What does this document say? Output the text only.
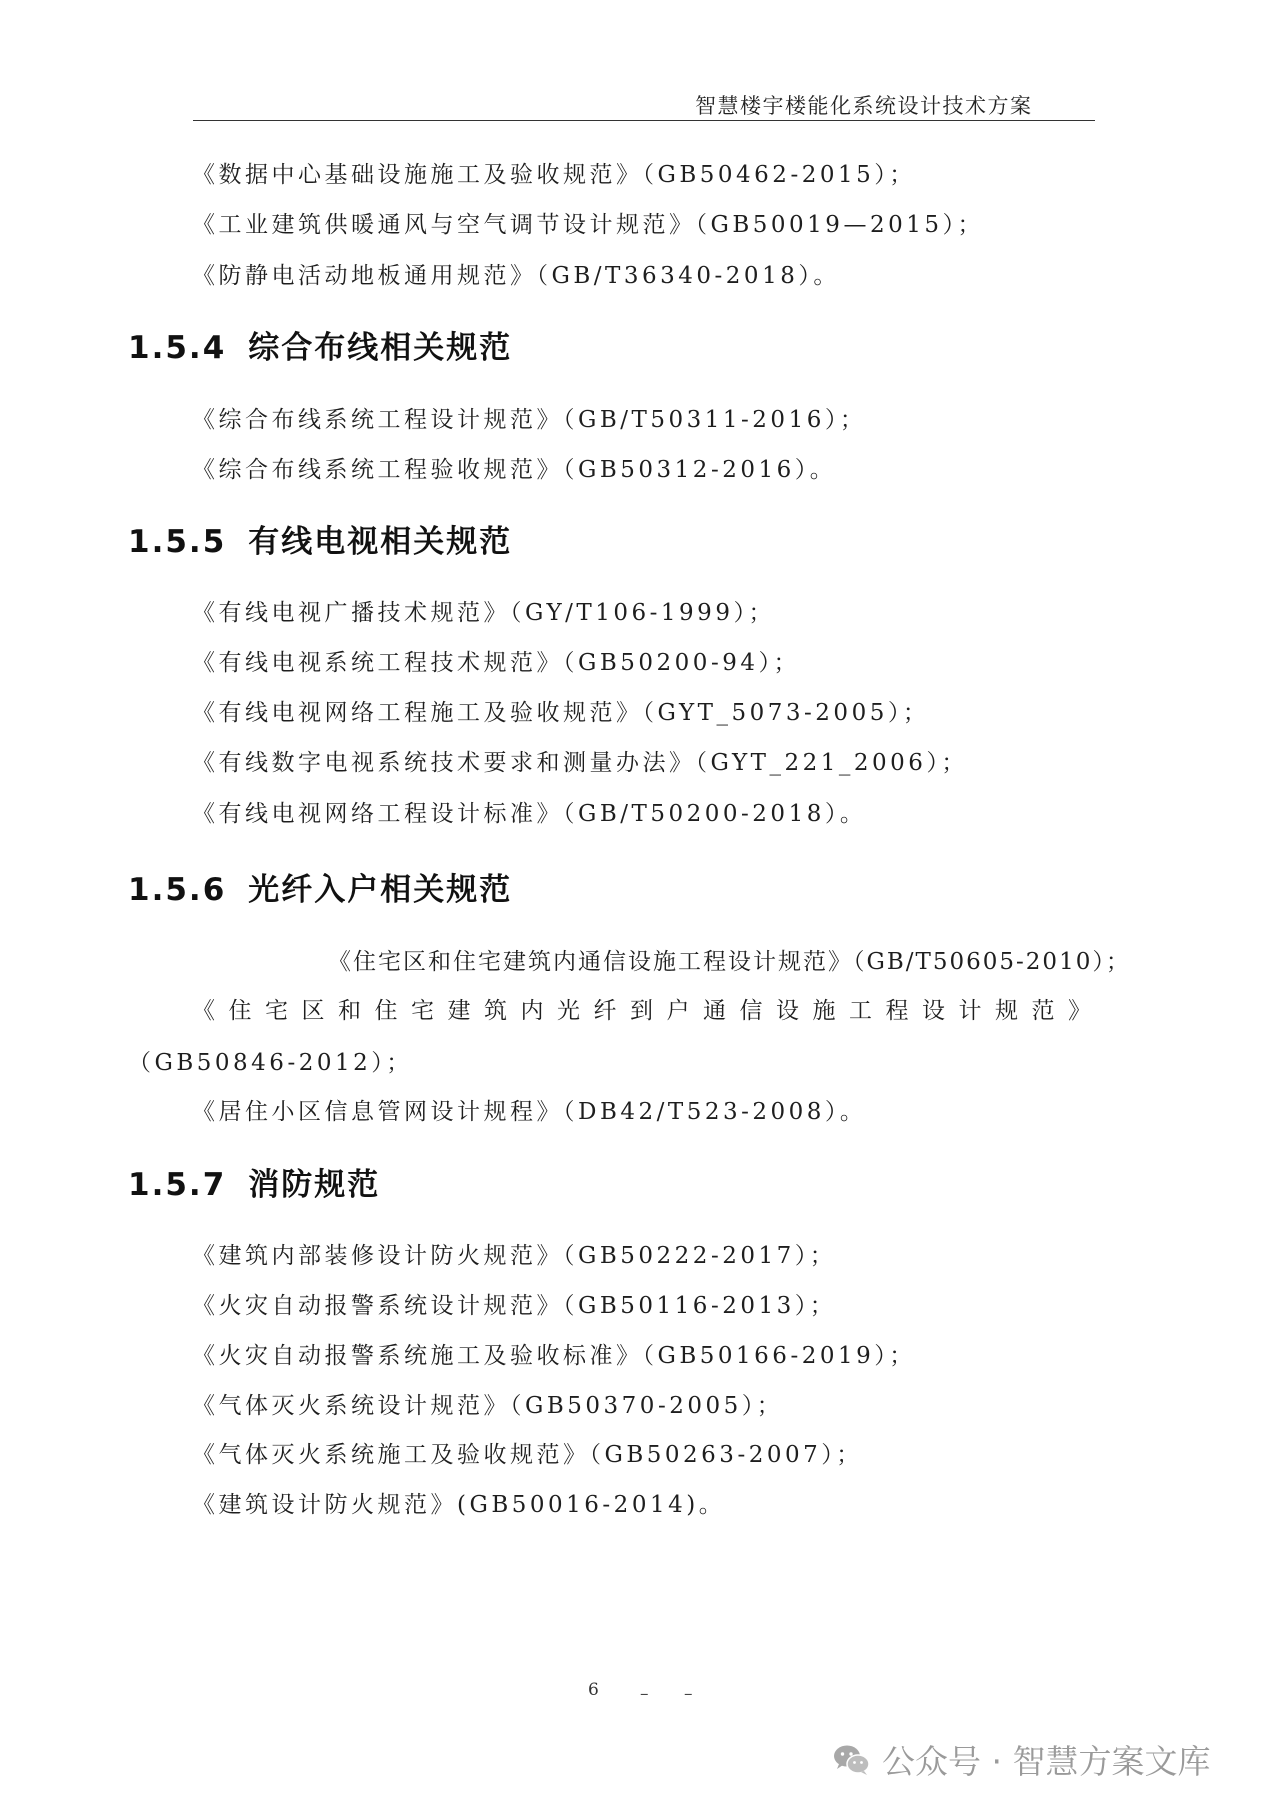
智慧楼宇楼能化系统设计技术方案
《数据中心基础设施施工及验收规范》（GB50462-2015）；
《工业建筑供暖通风与空气调节设计规范》（GB50019—2015）；
《防静电活动地板通用规范》（GB/T36340-2018）。
1.5.4 综合布线相关规范
《综合布线系统工程设计规范》（GB/T50311-2016）；
《综合布线系统工程验收规范》（GB50312-2016）。
1.5.5 有线电视相关规范
《有线电视广播技术规范》（GY/T106-1999）；
《有线电视系统工程技术规范》（GB50200-94）；
《有线电视网络工程施工及验收规范》（GYT_5073-2005）；
《有线数字电视系统技术要求和测量办法》（GYT_221_2006）；
《有线电视网络工程设计标准》（GB/T50200-2018）。
1.5.6 光纤入户相关规范
《住宅区和住宅建筑内通信设施工程设计规范》（GB/T50605-2010）；
《住宅区和住宅建筑内光纤到户通信设施工程设计规范》
（GB50846-2012）；
《居住小区信息管网设计规程》（DB42/T523-2008）。
1.5.7 消防规范
《建筑内部装修设计防火规范》（GB50222-2017）；
《火灾自动报警系统设计规范》（GB50116-2013）；
《火灾自动报警系统施工及验收标准》（GB50166-2019）；
《气体灭火系统设计规范》（GB50370-2005）；
《气体灭火系统施工及验收规范》（GB50263-2007）；
《建筑设计防火规范》(GB50016-2014)。
6 – –
公众号 · 智慧方案文库
